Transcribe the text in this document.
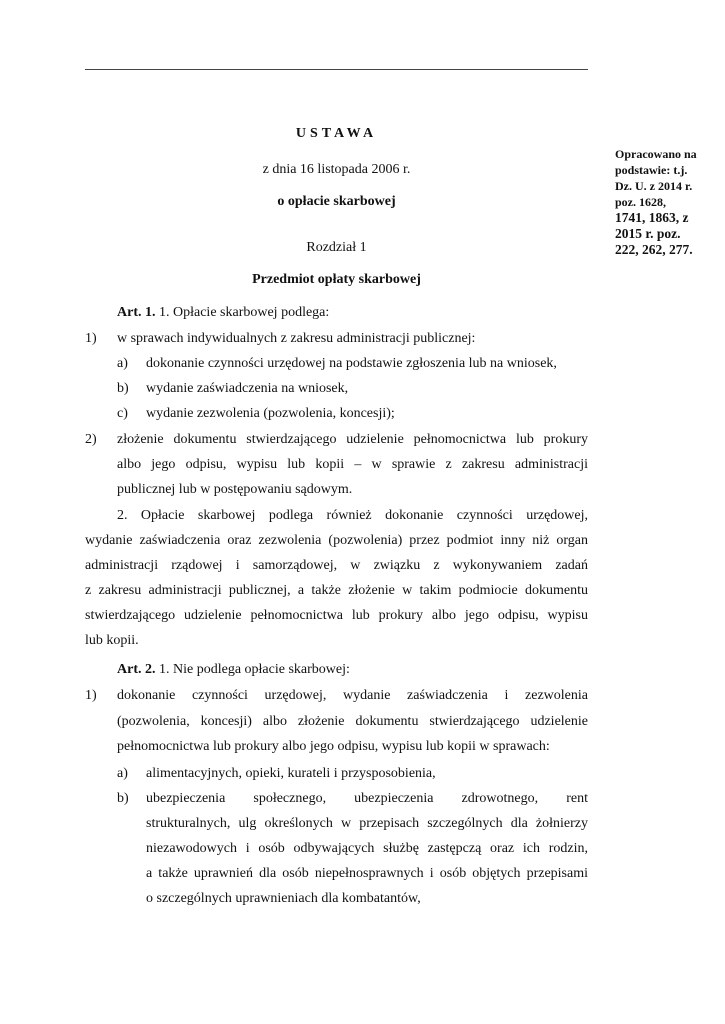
Opracowano na
podstawie: t.j.
Dz. U. z 2014 r.
poz. 1628,
1741, 1863, z
2015 r. poz.
222, 262, 277.
USTAWA
z dnia 16 listopada 2006 r.
o opłacie skarbowej
Rozdział 1
Przedmiot opłaty skarbowej
Art. 1. 1. Opłacie skarbowej podlega:
1) w sprawach indywidualnych z zakresu administracji publicznej:
a) dokonanie czynności urzędowej na podstawie zgłoszenia lub na wniosek,
b) wydanie zaświadczenia na wniosek,
c) wydanie zezwolenia (pozwolenia, koncesji);
2) złożenie dokumentu stwierdzającego udzielenie pełnomocnictwa lub prokury
albo jego odpisu, wypisu lub kopii – w sprawie z zakresu administracji
publicznej lub w postępowaniu sądowym.
2. Opłacie skarbowej podlega również dokonanie czynności urzędowej,
wydanie zaświadczenia oraz zezwolenia (pozwolenia) przez podmiot inny niż organ
administracji rządowej i samorządowej, w związku z wykonywaniem zadań
z zakresu administracji publicznej, a także złożenie w takim podmiocie dokumentu
stwierdzającego udzielenie pełnomocnictwa lub prokury albo jego odpisu, wypisu
lub kopii.
Art. 2. 1. Nie podlega opłacie skarbowej:
1) dokonanie czynności urzędowej, wydanie zaświadczenia i zezwolenia
(pozwolenia, koncesji) albo złożenie dokumentu stwierdzającego udzielenie
pełnomocnictwa lub prokury albo jego odpisu, wypisu lub kopii w sprawach:
a) alimentacyjnych, opieki, kurateli i przysposobienia,
b) ubezpieczenia społecznego, ubezpieczenia zdrowotnego, rent
strukturalnych, ulg określonych w przepisach szczególnych dla żołnierzy
niezawodowych i osób odbywających służbę zastępczą oraz ich rodzin,
a także uprawnień dla osób niepełnosprawnych i osób objętych przepisami
o szczególnych uprawnieniach dla kombatantów,
